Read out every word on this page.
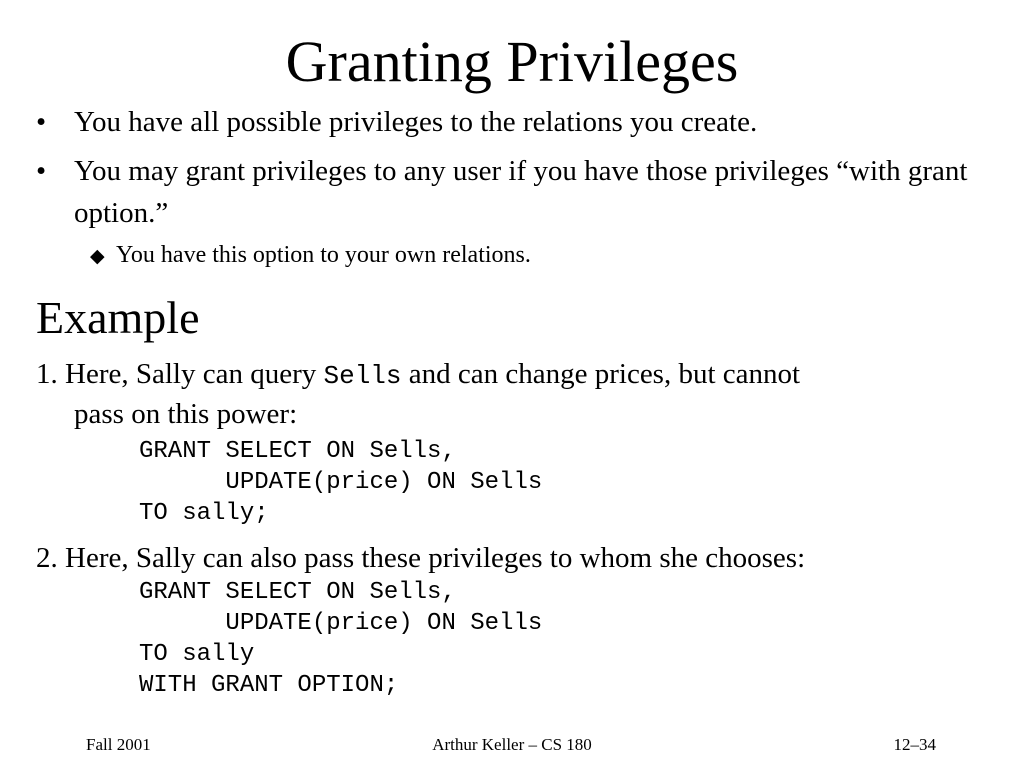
Granting Privileges
• You have all possible privileges to the relations you create.
• You may grant privileges to any user if you have those privileges “with grant option.”
◆ You have this option to your own relations.
Example
1. Here, Sally can query Sells and can change prices, but cannot
pass on this power:
GRANT SELECT ON Sells,
UPDATE(price) ON Sells
TO sally;
2. Here, Sally can also pass these privileges to whom she chooses:
GRANT SELECT ON Sells,
UPDATE(price) ON Sells
TO sally
WITH GRANT OPTION;
Fall 2001	Arthur Keller – CS 180	12–34
